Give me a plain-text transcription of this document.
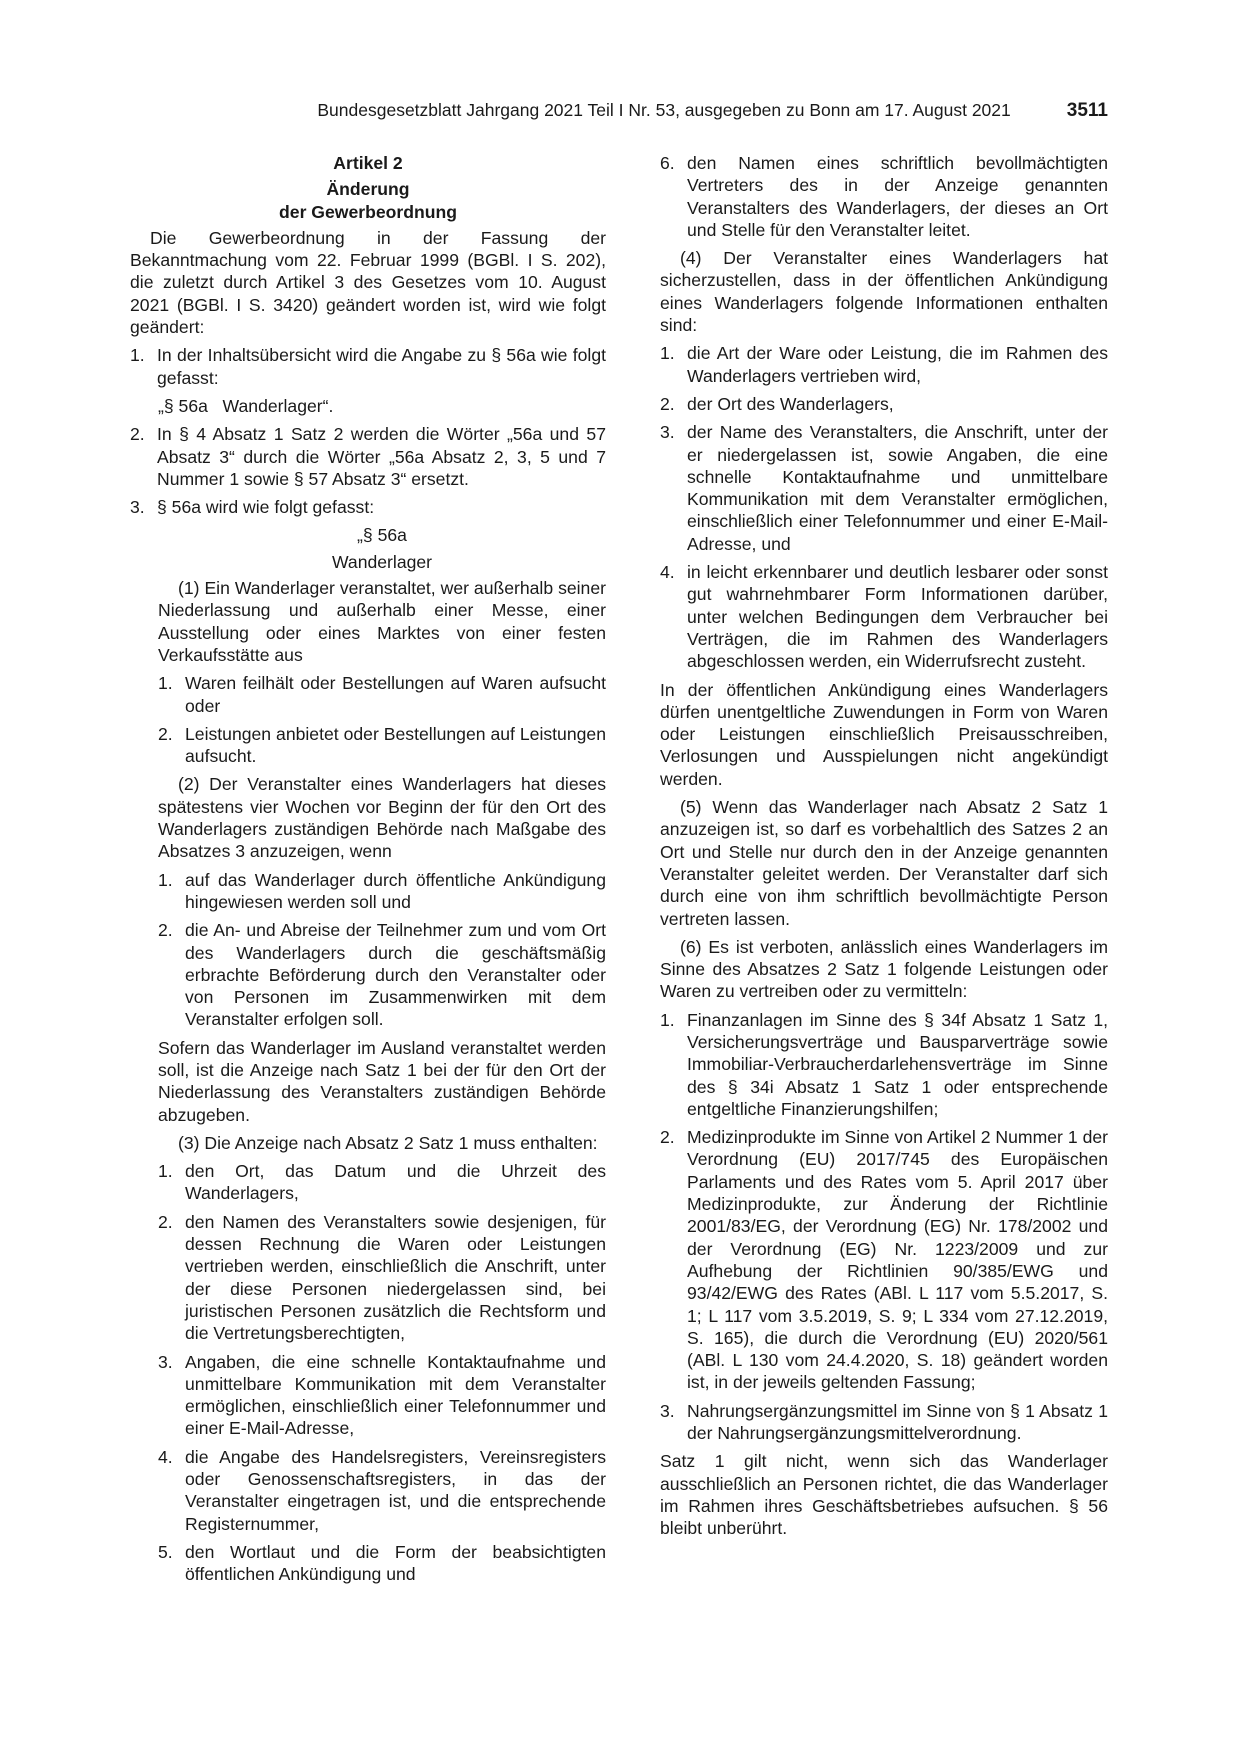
Bundesgesetzblatt Jahrgang 2021 Teil I Nr. 53, ausgegeben zu Bonn am 17. August 2021	3511

Artikel 2

Änderung

der Gewerbeordnung

Die Gewerbeordnung in der Fassung der Bekanntmachung vom 22. Februar 1999 (BGBl. I S. 202), die zuletzt durch Artikel 3 des Gesetzes vom 10. August 2021 (BGBl. I S. 3420) geändert worden ist, wird wie folgt geändert:

1. In der Inhaltsübersicht wird die Angabe zu § 56a wie folgt gefasst:

„§ 56a   Wanderlager“.

2. In § 4 Absatz 1 Satz 2 werden die Wörter „56a und 57 Absatz 3“ durch die Wörter „56a Absatz 2, 3, 5 und 7 Nummer 1 sowie § 57 Absatz 3“ ersetzt.
3. § 56a wird wie folgt gefasst:

„§ 56a

Wanderlager

(1) Ein Wanderlager veranstaltet, wer außerhalb seiner Niederlassung und außerhalb einer Messe, einer Ausstellung oder eines Marktes von einer festen Verkaufsstätte aus

1. Waren feilhält oder Bestellungen auf Waren aufsucht oder
2. Leistungen anbietet oder Bestellungen auf Leistungen aufsucht.

(2) Der Veranstalter eines Wanderlagers hat dieses spätestens vier Wochen vor Beginn der für den Ort des Wanderlagers zuständigen Behörde nach Maßgabe des Absatzes 3 anzuzeigen, wenn

1. auf das Wanderlager durch öffentliche Ankündigung hingewiesen werden soll und
2. die An- und Abreise der Teilnehmer zum und vom Ort des Wanderlagers durch die geschäftsmäßig erbrachte Beförderung durch den Veranstalter oder von Personen im Zusammenwirken mit dem Veranstalter erfolgen soll.

Sofern das Wanderlager im Ausland veranstaltet werden soll, ist die Anzeige nach Satz 1 bei der für den Ort der Niederlassung des Veranstalters zuständigen Behörde abzugeben.

(3) Die Anzeige nach Absatz 2 Satz 1 muss enthalten:

1. den Ort, das Datum und die Uhrzeit des Wanderlagers,
2. den Namen des Veranstalters sowie desjenigen, für dessen Rechnung die Waren oder Leistungen vertrieben werden, einschließlich die Anschrift, unter der diese Personen niedergelassen sind, bei juristischen Personen zusätzlich die Rechtsform und die Vertretungsberechtigten,
3. Angaben, die eine schnelle Kontaktaufnahme und unmittelbare Kommunikation mit dem Veranstalter ermöglichen, einschließlich einer Telefonnummer und einer E-Mail-Adresse,
4. die Angabe des Handelsregisters, Vereinsregisters oder Genossenschaftsregisters, in das der Veranstalter eingetragen ist, und die entsprechende Registernummer,
5. den Wortlaut und die Form der beabsichtigten öffentlichen Ankündigung und
6. den Namen eines schriftlich bevollmächtigten Vertreters des in der Anzeige genannten Veranstalters des Wanderlagers, der dieses an Ort und Stelle für den Veranstalter leitet.

(4) Der Veranstalter eines Wanderlagers hat sicherzustellen, dass in der öffentlichen Ankündigung eines Wanderlagers folgende Informationen enthalten sind:

1. die Art der Ware oder Leistung, die im Rahmen des Wanderlagers vertrieben wird,
2. der Ort des Wanderlagers,
3. der Name des Veranstalters, die Anschrift, unter der er niedergelassen ist, sowie Angaben, die eine schnelle Kontaktaufnahme und unmittelbare Kommunikation mit dem Veranstalter ermöglichen, einschließlich einer Telefonnummer und einer E-Mail-Adresse, und
4. in leicht erkennbarer und deutlich lesbarer oder sonst gut wahrnehmbarer Form Informationen darüber, unter welchen Bedingungen dem Verbraucher bei Verträgen, die im Rahmen des Wanderlagers abgeschlossen werden, ein Widerrufsrecht zusteht.

In der öffentlichen Ankündigung eines Wanderlagers dürfen unentgeltliche Zuwendungen in Form von Waren oder Leistungen einschließlich Preisausschreiben, Verlosungen und Ausspielungen nicht angekündigt werden.

(5) Wenn das Wanderlager nach Absatz 2 Satz 1 anzuzeigen ist, so darf es vorbehaltlich des Satzes 2 an Ort und Stelle nur durch den in der Anzeige genannten Veranstalter geleitet werden. Der Veranstalter darf sich durch eine von ihm schriftlich bevollmächtigte Person vertreten lassen.

(6) Es ist verboten, anlässlich eines Wanderlagers im Sinne des Absatzes 2 Satz 1 folgende Leistungen oder Waren zu vertreiben oder zu vermitteln:

1. Finanzanlagen im Sinne des § 34f Absatz 1 Satz 1, Versicherungsverträge und Bausparverträge sowie Immobiliar-Verbraucherdarlehensverträge im Sinne des § 34i Absatz 1 Satz 1 oder entsprechende entgeltliche Finanzierungshilfen;
2. Medizinprodukte im Sinne von Artikel 2 Nummer 1 der Verordnung (EU) 2017/745 des Europäischen Parlaments und des Rates vom 5. April 2017 über Medizinprodukte, zur Änderung der Richtlinie 2001/83/EG, der Verordnung (EG) Nr. 178/2002 und der Verordnung (EG) Nr. 1223/2009 und zur Aufhebung der Richtlinien 90/385/EWG und 93/42/EWG des Rates (ABl. L 117 vom 5.5.2017, S. 1; L 117 vom 3.5.2019, S. 9; L 334 vom 27.12.2019, S. 165), die durch die Verordnung (EU) 2020/561 (ABl. L 130 vom 24.4.2020, S. 18) geändert worden ist, in der jeweils geltenden Fassung;
3. Nahrungsergänzungsmittel im Sinne von § 1 Absatz 1 der Nahrungsergänzungsmittelverordnung.

Satz 1 gilt nicht, wenn sich das Wanderlager ausschließlich an Personen richtet, die das Wanderlager im Rahmen ihres Geschäftsbetriebes aufsuchen. § 56 bleibt unberührt.
